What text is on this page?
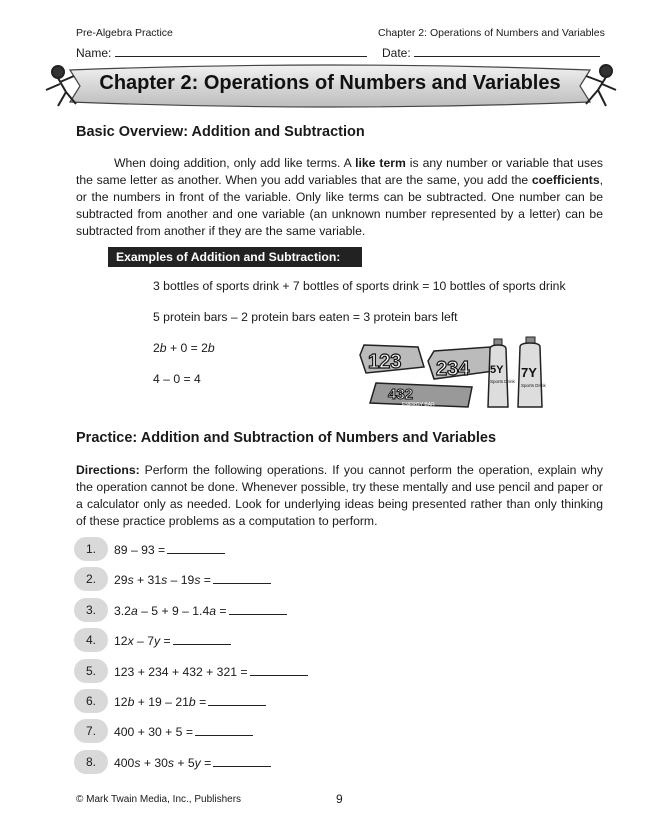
Pre-Algebra Practice	Chapter 2: Operations of Numbers and Variables
Name:	Date:
Chapter 2: Operations of Numbers and Variables
Basic Overview: Addition and Subtraction
When doing addition, only add like terms. A like term is any number or variable that uses the same letter as another. When you add variables that are the same, you add the coefficients, or the numbers in front of the variable. Only like terms can be subtracted. One number can be subtracted from another and one variable (an unknown number represented by a letter) can be subtracted from another if they are the same variable.
Examples of Addition and Subtraction:
3 bottles of sports drink + 7 bottles of sports drink = 10 bottles of sports drink
5 protein bars – 2 protein bars eaten = 3 protein bars left
2b + 0 = 2b
4 – 0 = 4
123 234
432
ENERGY BAR
5Y
Sports Drink
7Y
Sports Drink
Practice: Addition and Subtraction of Numbers and Variables
Directions: Perform the following operations. If you cannot perform the operation, explain why the operation cannot be done. Whenever possible, try these mentally and use pencil and paper or a calculator only as needed. Look for underlying ideas being presented rather than only thinking of these practice problems as a computation to perform.
1.	89 – 93 =
2.	29s + 31s – 19s =
3.	3.2a – 5 + 9 – 1.4a =
4.	12x – 7y =
5.	123 + 234 + 432 + 321 =
6.	12b + 19 – 21b =
7.	400 + 30 + 5 =
8.	400s + 30s + 5y =
© Mark Twain Media, Inc., Publishers	9
